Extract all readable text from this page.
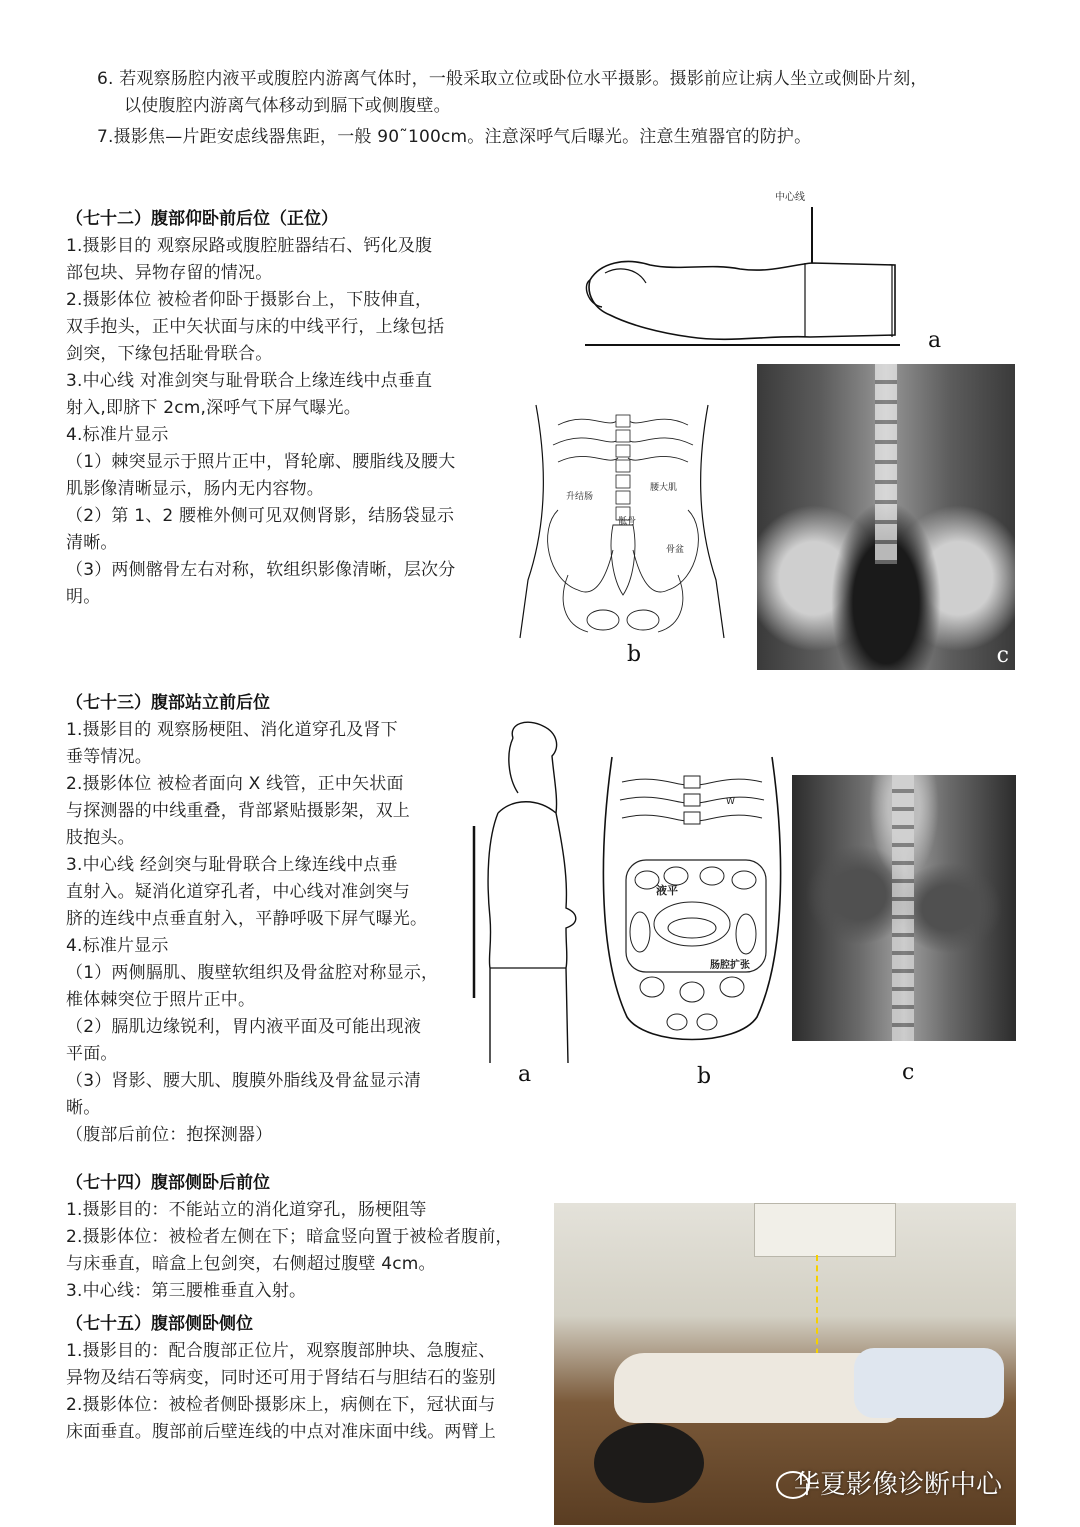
6. 若观察肠腔内液平或腹腔内游离气体时，一般采取立位或卧位水平摄影。摄影前应让病人坐立或侧卧片刻，

以使腹腔内游离气体移动到膈下或侧腹壁。

7.摄影焦—片距安虑线器焦距，一般 90˜100cm。注意深呼气后曝光。注意生殖器官的防护。

（七十二）腹部仰卧前后位（正位）

1.摄影目的 观察尿路或腹腔脏器结石、钙化及腹

部包块、异物存留的情况。

2.摄影体位 被检者仰卧于摄影台上，下肢伸直，

双手抱头，正中矢状面与床的中线平行，上缘包括

剑突，下缘包括耻骨联合。

3.中心线 对准剑突与耻骨联合上缘连线中点垂直

射入,即脐下 2cm,深呼气下屏气曝光。

4.标准片显示

（1）棘突显示于照片正中，肾轮廓、腰脂线及腰大

肌影像清晰显示，肠内无内容物。

（2）第 1、2 腰椎外侧可见双侧肾影，结肠袋显示

清晰。

（3）两侧髂骨左右对称，软组织影像清晰，层次分

明。

中心线
a
升结肠
腰大肌
骶骨
骨盆
b	c

（七十三）腹部站立前后位

1.摄影目的 观察肠梗阻、消化道穿孔及肾下

垂等情况。

2.摄影体位 被检者面向 X 线管，正中矢状面

与探测器的中线重叠，背部紧贴摄影架，双上

肢抱头。

3.中心线 经剑突与耻骨联合上缘连线中点垂

直射入。疑消化道穿孔者，中心线对准剑突与

脐的连线中点垂直射入，平静呼吸下屏气曝光。

4.标准片显示

（1）两侧膈肌、腹壁软组织及骨盆腔对称显示，

椎体棘突位于照片正中。

（2）膈肌边缘锐利，胃内液平面及可能出现液

平面。

（3）肾影、腰大肌、腹膜外脂线及骨盆显示清

晰。

（腹部后前位：抱探测器）

a
W
液平
肠腔扩张
b	c

（七十四）腹部侧卧后前位

1.摄影目的：不能站立的消化道穿孔，肠梗阻等

2.摄影体位：被检者左侧在下；暗盒竖向置于被检者腹前，

与床垂直，暗盒上包剑突，右侧超过腹壁 4cm。

3.中心线：第三腰椎垂直入射。

（七十五）腹部侧卧侧位

1.摄影目的：配合腹部正位片，观察腹部肿块、急腹症、

异物及结石等病变，同时还可用于肾结石与胆结石的鉴别

2.摄影体位：被检者侧卧摄影床上，病侧在下，冠状面与

床面垂直。腹部前后壁连线的中点对准床面中线。两臂上

华夏影像诊断中心
